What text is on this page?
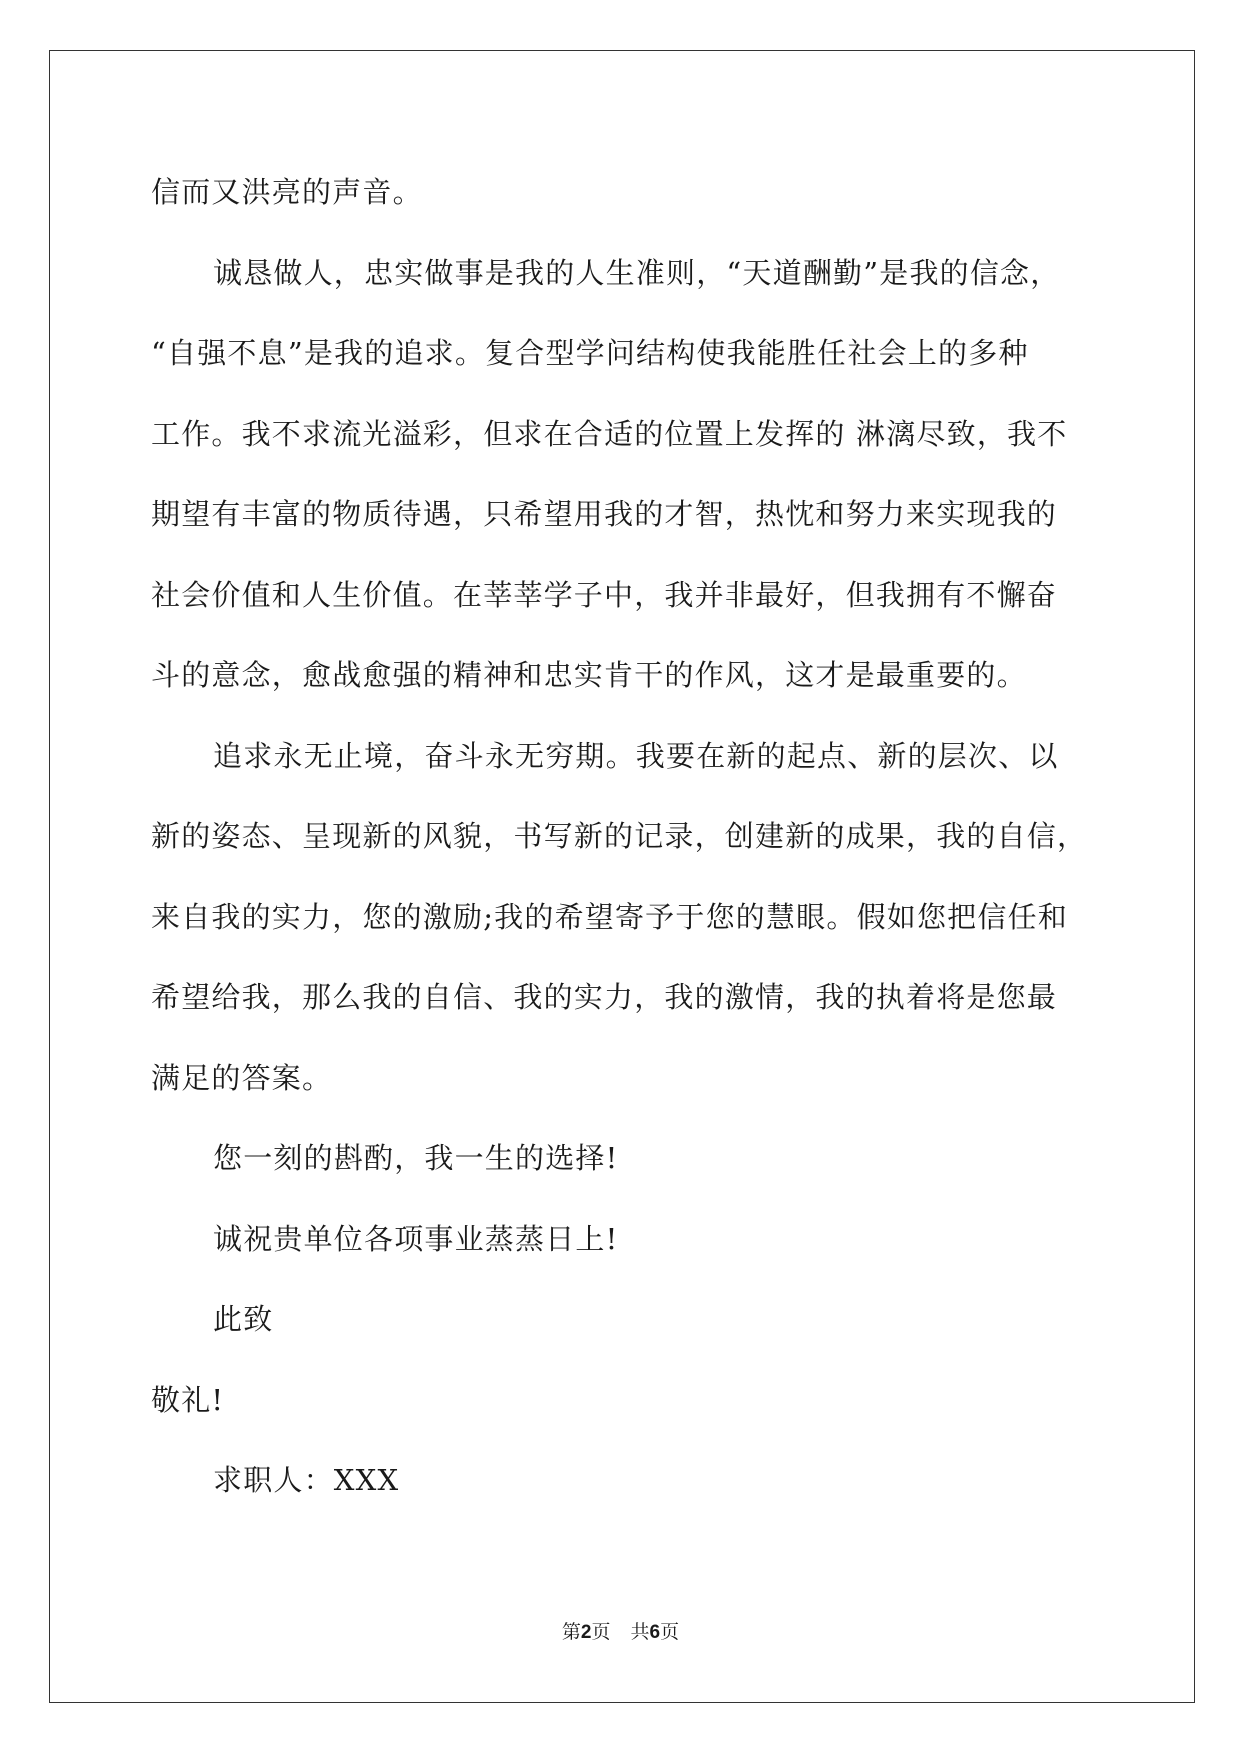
信而又洪亮的声音。
诚恳做人，忠实做事是我的人生准则，“天道酬勤”是我的信念，
“自强不息”是我的追求。复合型学问结构使我能胜任社会上的多种
工作。我不求流光溢彩，但求在合适的位置上发挥的 淋漓尽致，我不
期望有丰富的物质待遇，只希望用我的才智，热忱和努力来实现我的
社会价值和人生价值。在莘莘学子中，我并非最好，但我拥有不懈奋
斗的意念，愈战愈强的精神和忠实肯干的作风，这才是最重要的。
追求永无止境，奋斗永无穷期。我要在新的起点、新的层次、以
新的姿态、呈现新的风貌，书写新的记录，创建新的成果，我的自信，
来自我的实力，您的激励;我的希望寄予于您的慧眼。假如您把信任和
希望给我，那么我的自信、我的实力，我的激情，我的执着将是您最
满足的答案。
您一刻的斟酌，我一生的选择!
诚祝贵单位各项事业蒸蒸日上!
此致
敬礼!
求职人：XXX
第2页 共6页
